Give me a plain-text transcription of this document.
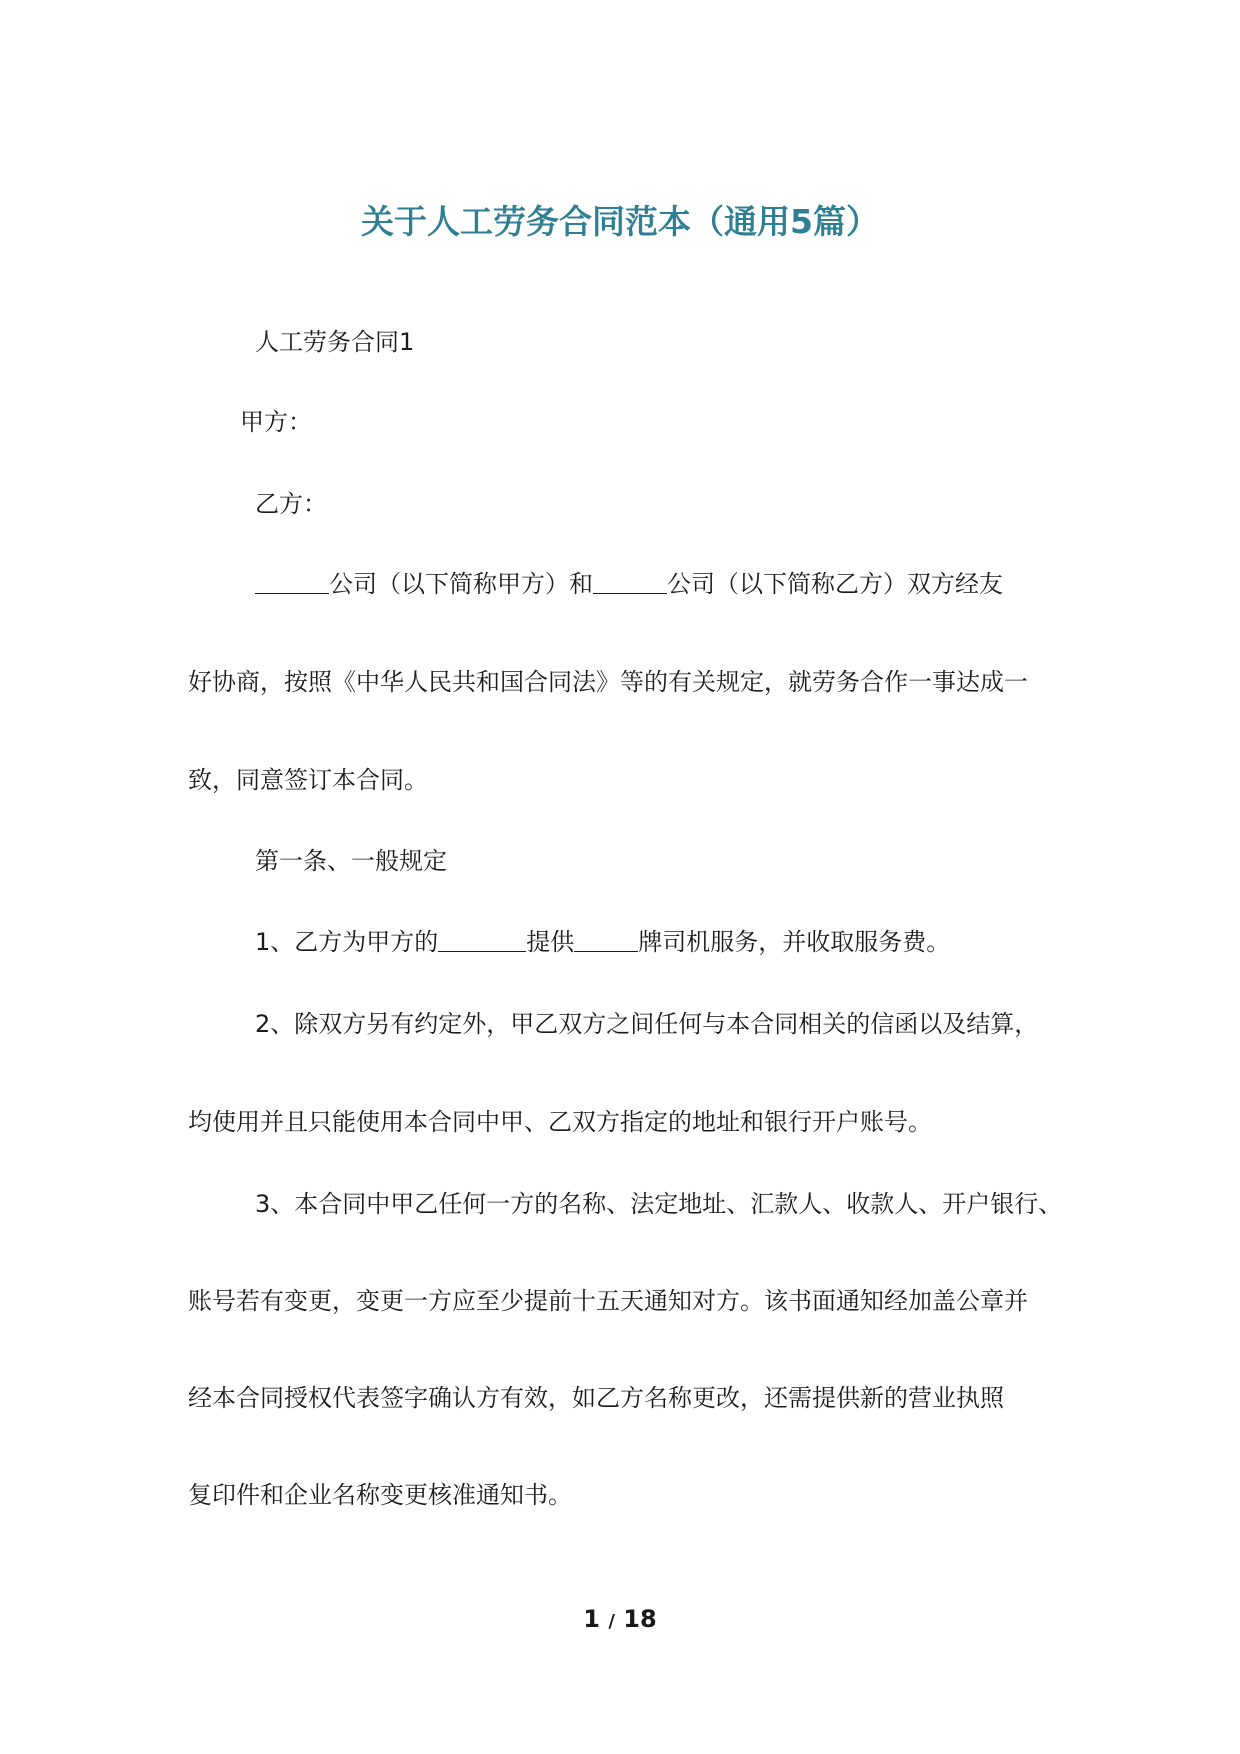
关于人工劳务合同范本（通用5篇）
人工劳务合同1
甲方：
乙方：
公司（以下简称甲方）和	公司（以下简称乙方）双方经友
好协商，按照《中华人民共和国合同法》等的有关规定，就劳务合作一事达成一
致，同意签订本合同。
第一条、一般规定
1、乙方为甲方的	提供	牌司机服务，并收取服务费。
2、除双方另有约定外，甲乙双方之间任何与本合同相关的信函以及结算，
均使用并且只能使用本合同中甲、乙双方指定的地址和银行开户账号。
3、本合同中甲乙任何一方的名称、法定地址、汇款人、收款人、开户银行、
账号若有变更，变更一方应至少提前十五天通知对方。该书面通知经加盖公章并
经本合同授权代表签字确认方有效，如乙方名称更改，还需提供新的营业执照
复印件和企业名称变更核准通知书。
1 / 18
